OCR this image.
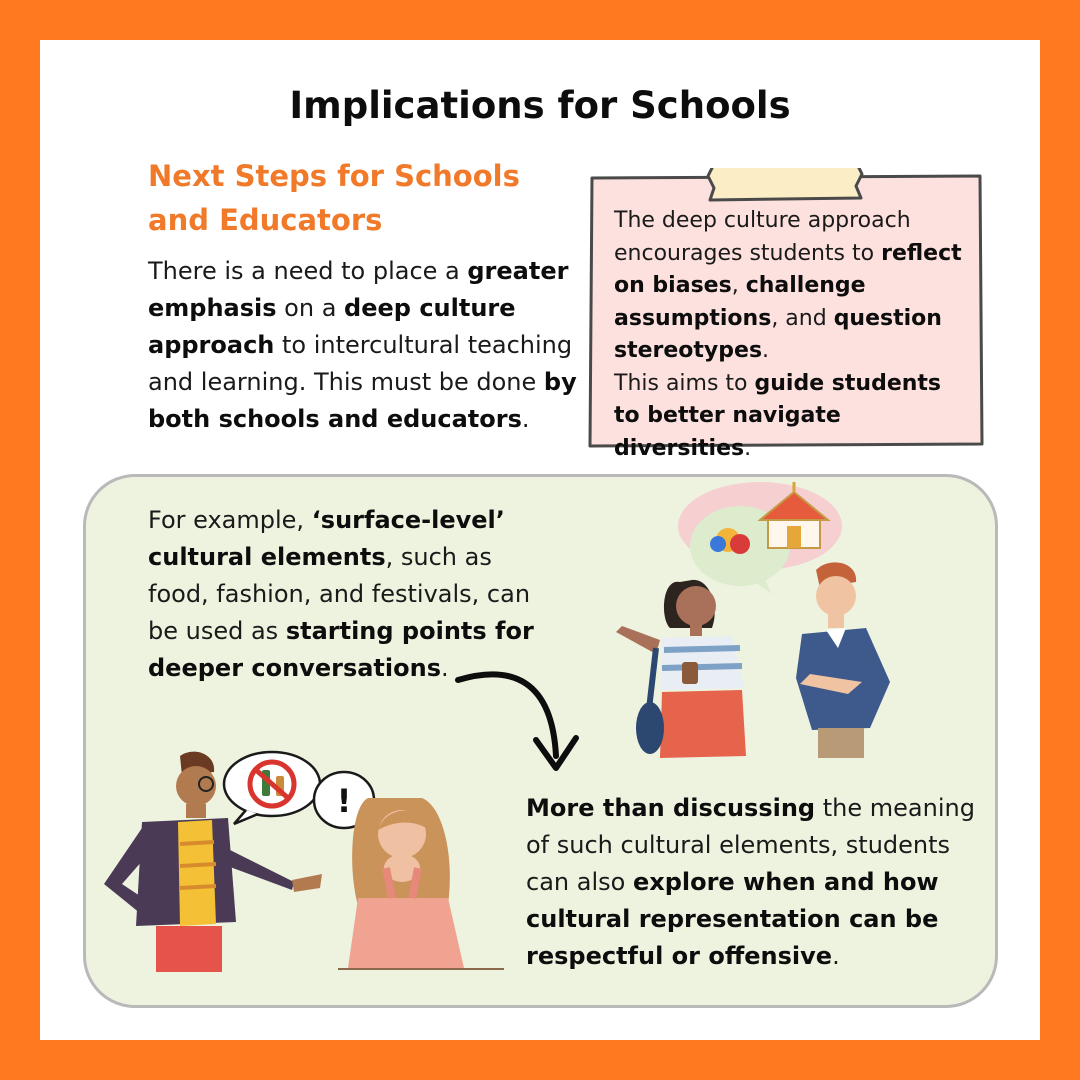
Implications for Schools
Next Steps for Schools and Educators

There is a need to place a greater emphasis on a deep culture approach to intercultural teaching and learning. This must be done by both schools and educators.

The deep culture approach encourages students to reflect on biases, challenge assumptions, and question stereotypes.
This aims to guide students to better navigate diversities.

For example, ‘surface-level’ cultural elements, such as food, fashion, and festivals, can be used as starting points for deeper conversations.

!	More than discussing the meaning of such cultural elements, students can also explore when and how cultural representation can be respectful or offensive.
